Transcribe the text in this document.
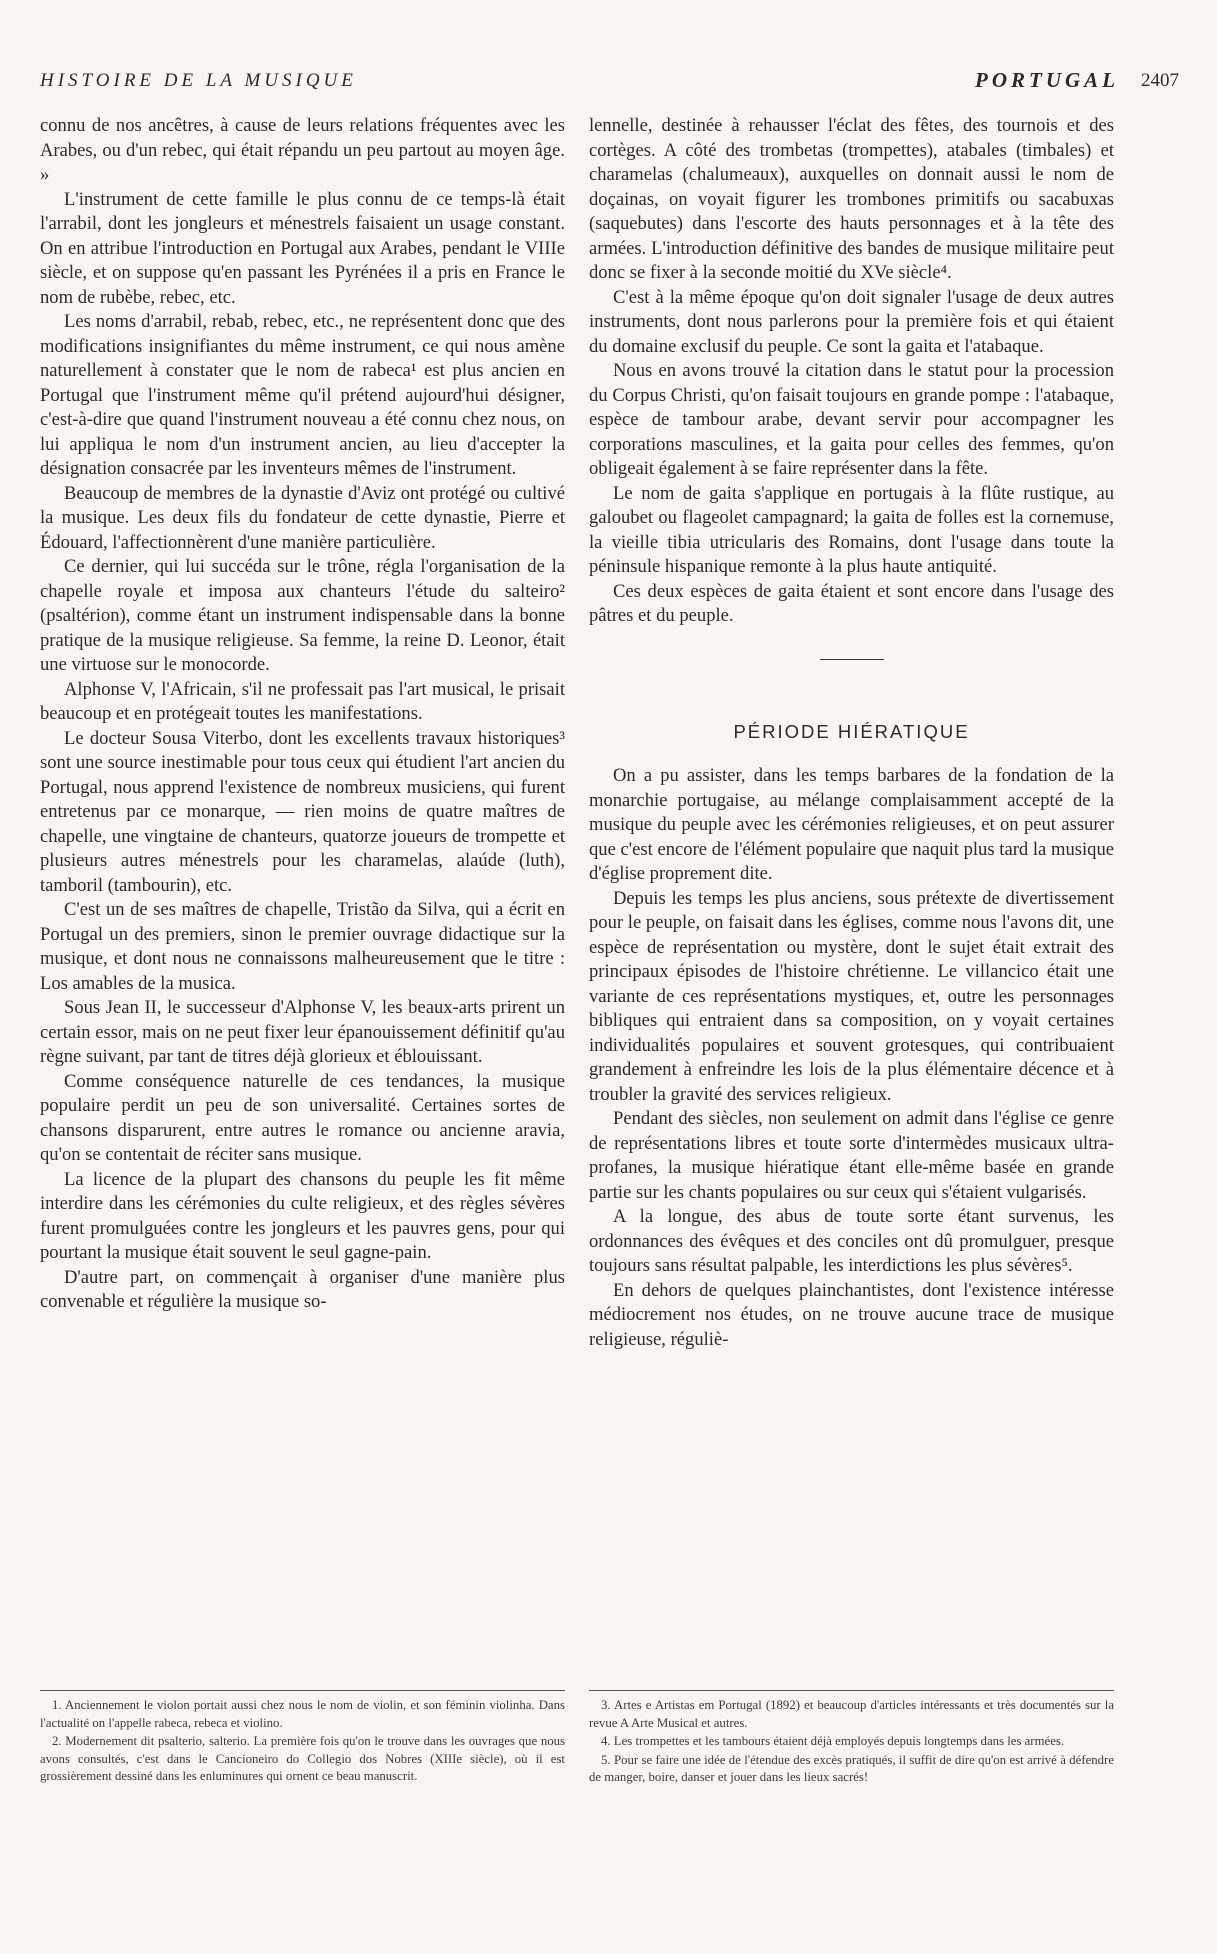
HISTOIRE DE LA MUSIQUE	PORTUGAL 2407

connu de nos ancêtres, à cause de leurs relations fréquentes avec les Arabes, ou d'un rebec, qui était répandu un peu partout au moyen âge. »

L'instrument de cette famille le plus connu de ce temps-là était l'arrabil, dont les jongleurs et ménestrels faisaient un usage constant. On en attribue l'introduction en Portugal aux Arabes, pendant le VIIIe siècle, et on suppose qu'en passant les Pyrénées il a pris en France le nom de rubèbe, rebec, etc.

Les noms d'arrabil, rebab, rebec, etc., ne représentent donc que des modifications insignifiantes du même instrument, ce qui nous amène naturellement à constater que le nom de rabeca¹ est plus ancien en Portugal que l'instrument même qu'il prétend aujourd'hui désigner, c'est-à-dire que quand l'instrument nouveau a été connu chez nous, on lui appliqua le nom d'un instrument ancien, au lieu d'accepter la désignation consacrée par les inventeurs mêmes de l'instrument.

Beaucoup de membres de la dynastie d'Aviz ont protégé ou cultivé la musique. Les deux fils du fondateur de cette dynastie, Pierre et Édouard, l'affectionnèrent d'une manière particulière.

Ce dernier, qui lui succéda sur le trône, régla l'organisation de la chapelle royale et imposa aux chanteurs l'étude du salteiro² (psaltérion), comme étant un instrument indispensable dans la bonne pratique de la musique religieuse. Sa femme, la reine D. Leonor, était une virtuose sur le monocorde.

Alphonse V, l'Africain, s'il ne professait pas l'art musical, le prisait beaucoup et en protégeait toutes les manifestations.

Le docteur Sousa Viterbo, dont les excellents travaux historiques³ sont une source inestimable pour tous ceux qui étudient l'art ancien du Portugal, nous apprend l'existence de nombreux musiciens, qui furent entretenus par ce monarque, — rien moins de quatre maîtres de chapelle, une vingtaine de chanteurs, quatorze joueurs de trompette et plusieurs autres ménestrels pour les charamelas, alaúde (luth), tamboril (tambourin), etc.

C'est un de ses maîtres de chapelle, Tristão da Silva, qui a écrit en Portugal un des premiers, sinon le premier ouvrage didactique sur la musique, et dont nous ne connaissons malheureusement que le titre : Los amables de la musica.

Sous Jean II, le successeur d'Alphonse V, les beaux-arts prirent un certain essor, mais on ne peut fixer leur épanouissement définitif qu'au règne suivant, par tant de titres déjà glorieux et éblouissant.

Comme conséquence naturelle de ces tendances, la musique populaire perdit un peu de son universalité. Certaines sortes de chansons disparurent, entre autres le romance ou ancienne aravia, qu'on se contentait de réciter sans musique.

La licence de la plupart des chansons du peuple les fit même interdire dans les cérémonies du culte religieux, et des règles sévères furent promulguées contre les jongleurs et les pauvres gens, pour qui pourtant la musique était souvent le seul gagne-pain.

D'autre part, on commençait à organiser d'une manière plus convenable et régulière la musique so-

lennelle, destinée à rehausser l'éclat des fêtes, des tournois et des cortèges. A côté des trombetas (trompettes), atabales (timbales) et charamelas (chalumeaux), auxquelles on donnait aussi le nom de doçainas, on voyait figurer les trombones primitifs ou sacabuxas (saquebutes) dans l'escorte des hauts personnages et à la tête des armées. L'introduction définitive des bandes de musique militaire peut donc se fixer à la seconde moitié du XVe siècle⁴.

C'est à la même époque qu'on doit signaler l'usage de deux autres instruments, dont nous parlerons pour la première fois et qui étaient du domaine exclusif du peuple. Ce sont la gaita et l'atabaque.

Nous en avons trouvé la citation dans le statut pour la procession du Corpus Christi, qu'on faisait toujours en grande pompe : l'atabaque, espèce de tambour arabe, devant servir pour accompagner les corporations masculines, et la gaita pour celles des femmes, qu'on obligeait également à se faire représenter dans la fête.

Le nom de gaita s'applique en portugais à la flûte rustique, au galoubet ou flageolet campagnard; la gaita de folles est la cornemuse, la vieille tibia utricularis des Romains, dont l'usage dans toute la péninsule hispanique remonte à la plus haute antiquité.

Ces deux espèces de gaita étaient et sont encore dans l'usage des pâtres et du peuple.

PÉRIODE HIÉRATIQUE

On a pu assister, dans les temps barbares de la fondation de la monarchie portugaise, au mélange complaisamment accepté de la musique du peuple avec les cérémonies religieuses, et on peut assurer que c'est encore de l'élément populaire que naquit plus tard la musique d'église proprement dite.

Depuis les temps les plus anciens, sous prétexte de divertissement pour le peuple, on faisait dans les églises, comme nous l'avons dit, une espèce de représentation ou mystère, dont le sujet était extrait des principaux épisodes de l'histoire chrétienne. Le villancico était une variante de ces représentations mystiques, et, outre les personnages bibliques qui entraient dans sa composition, on y voyait certaines individualités populaires et souvent grotesques, qui contribuaient grandement à enfreindre les lois de la plus élémentaire décence et à troubler la gravité des services religieux.

Pendant des siècles, non seulement on admit dans l'église ce genre de représentations libres et toute sorte d'intermèdes musicaux ultra-profanes, la musique hiératique étant elle-même basée en grande partie sur les chants populaires ou sur ceux qui s'étaient vulgarisés.

A la longue, des abus de toute sorte étant survenus, les ordonnances des évêques et des conciles ont dû promulguer, presque toujours sans résultat palpable, les interdictions les plus sévères⁵.

En dehors de quelques plainchantistes, dont l'existence intéresse médiocrement nos études, on ne trouve aucune trace de musique religieuse, réguliè-

1. Anciennement le violon portait aussi chez nous le nom de violin, et son féminin violinha. Dans l'actualité on l'appelle rabeca, rebeca et violino.

2. Modernement dit psalterio, salterio. La première fois qu'on le trouve dans les ouvrages que nous avons consultés, c'est dans le Cancioneiro do Collegio dos Nobres (XIIIe siècle), où il est grossièrement dessiné dans les enluminures qui ornent ce beau manuscrit.

3. Artes e Artistas em Portugal (1892) et beaucoup d'articles intéressants et très documentés sur la revue A Arte Musical et autres.

4. Les trompettes et les tambours étaient déjà employés depuis longtemps dans les armées.

5. Pour se faire une idée de l'étendue des excès pratiqués, il suffit de dire qu'on est arrivé à défendre de manger, boire, danser et jouer dans les lieux sacrés!
